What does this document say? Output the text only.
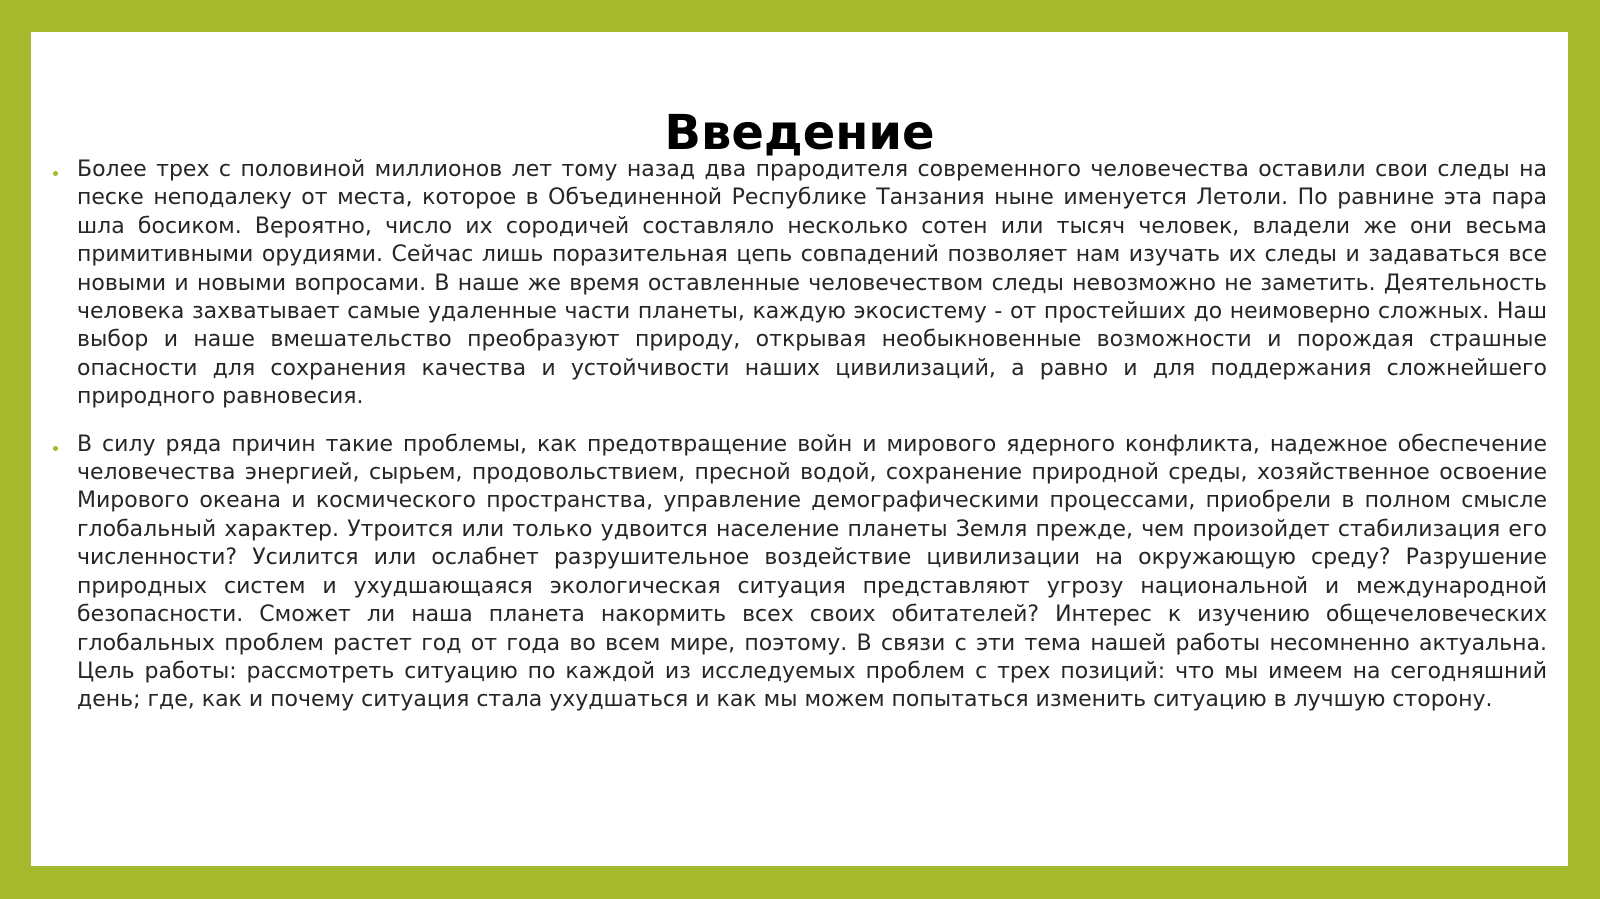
Введение
Более трех с половиной миллионов лет тому назад два прародителя современного человечества оставили свои следы на песке неподалеку от места, которое в Объединенной Республике Танзания ныне именуется Летоли. По равнине эта пара шла босиком. Вероятно, число их сородичей составляло несколько сотен или тысяч человек, владели же они весьма примитивными орудиями. Сейчас лишь поразительная цепь совпадений позволяет нам изучать их следы и задаваться все новыми и новыми вопросами. В наше же время оставленные человечеством следы невозможно не заметить. Деятельность человека захватывает самые удаленные части планеты, каждую экосистему - от простейших до неимоверно сложных. Наш выбор и наше вмешательство преобразуют природу, открывая необыкновенные возможности и порождая страшные опасности для сохранения качества и устойчивости наших цивилизаций, а равно и для поддержания сложнейшего природного равновесия.
В силу ряда причин такие проблемы, как предотвращение войн и мирового ядерного конфликта, надежное обеспечение человечества энергией, сырьем, продовольствием, пресной водой, сохранение природной среды, хозяйственное освоение Мирового океана и космического пространства, управление демографическими процессами, приобрели в полном смысле глобальный характер. Утроится или только удвоится население планеты Земля прежде, чем произойдет стабилизация его численности? Усилится или ослабнет разрушительное воздействие цивилизации на окружающую среду? Разрушение природных систем и ухудшающаяся экологическая ситуация представляют угрозу национальной и международной безопасности. Сможет ли наша планета накормить всех своих обитателей? Интерес к изучению общечеловеческих глобальных проблем растет год от года во всем мире, поэтому. В связи с эти тема нашей работы несомненно актуальна. Цель работы: рассмотреть ситуацию по каждой из исследуемых проблем с трех позиций: что мы имеем на сегодняшний день; где, как и почему ситуация стала ухудшаться и как мы можем попытаться изменить ситуацию в лучшую сторону.
